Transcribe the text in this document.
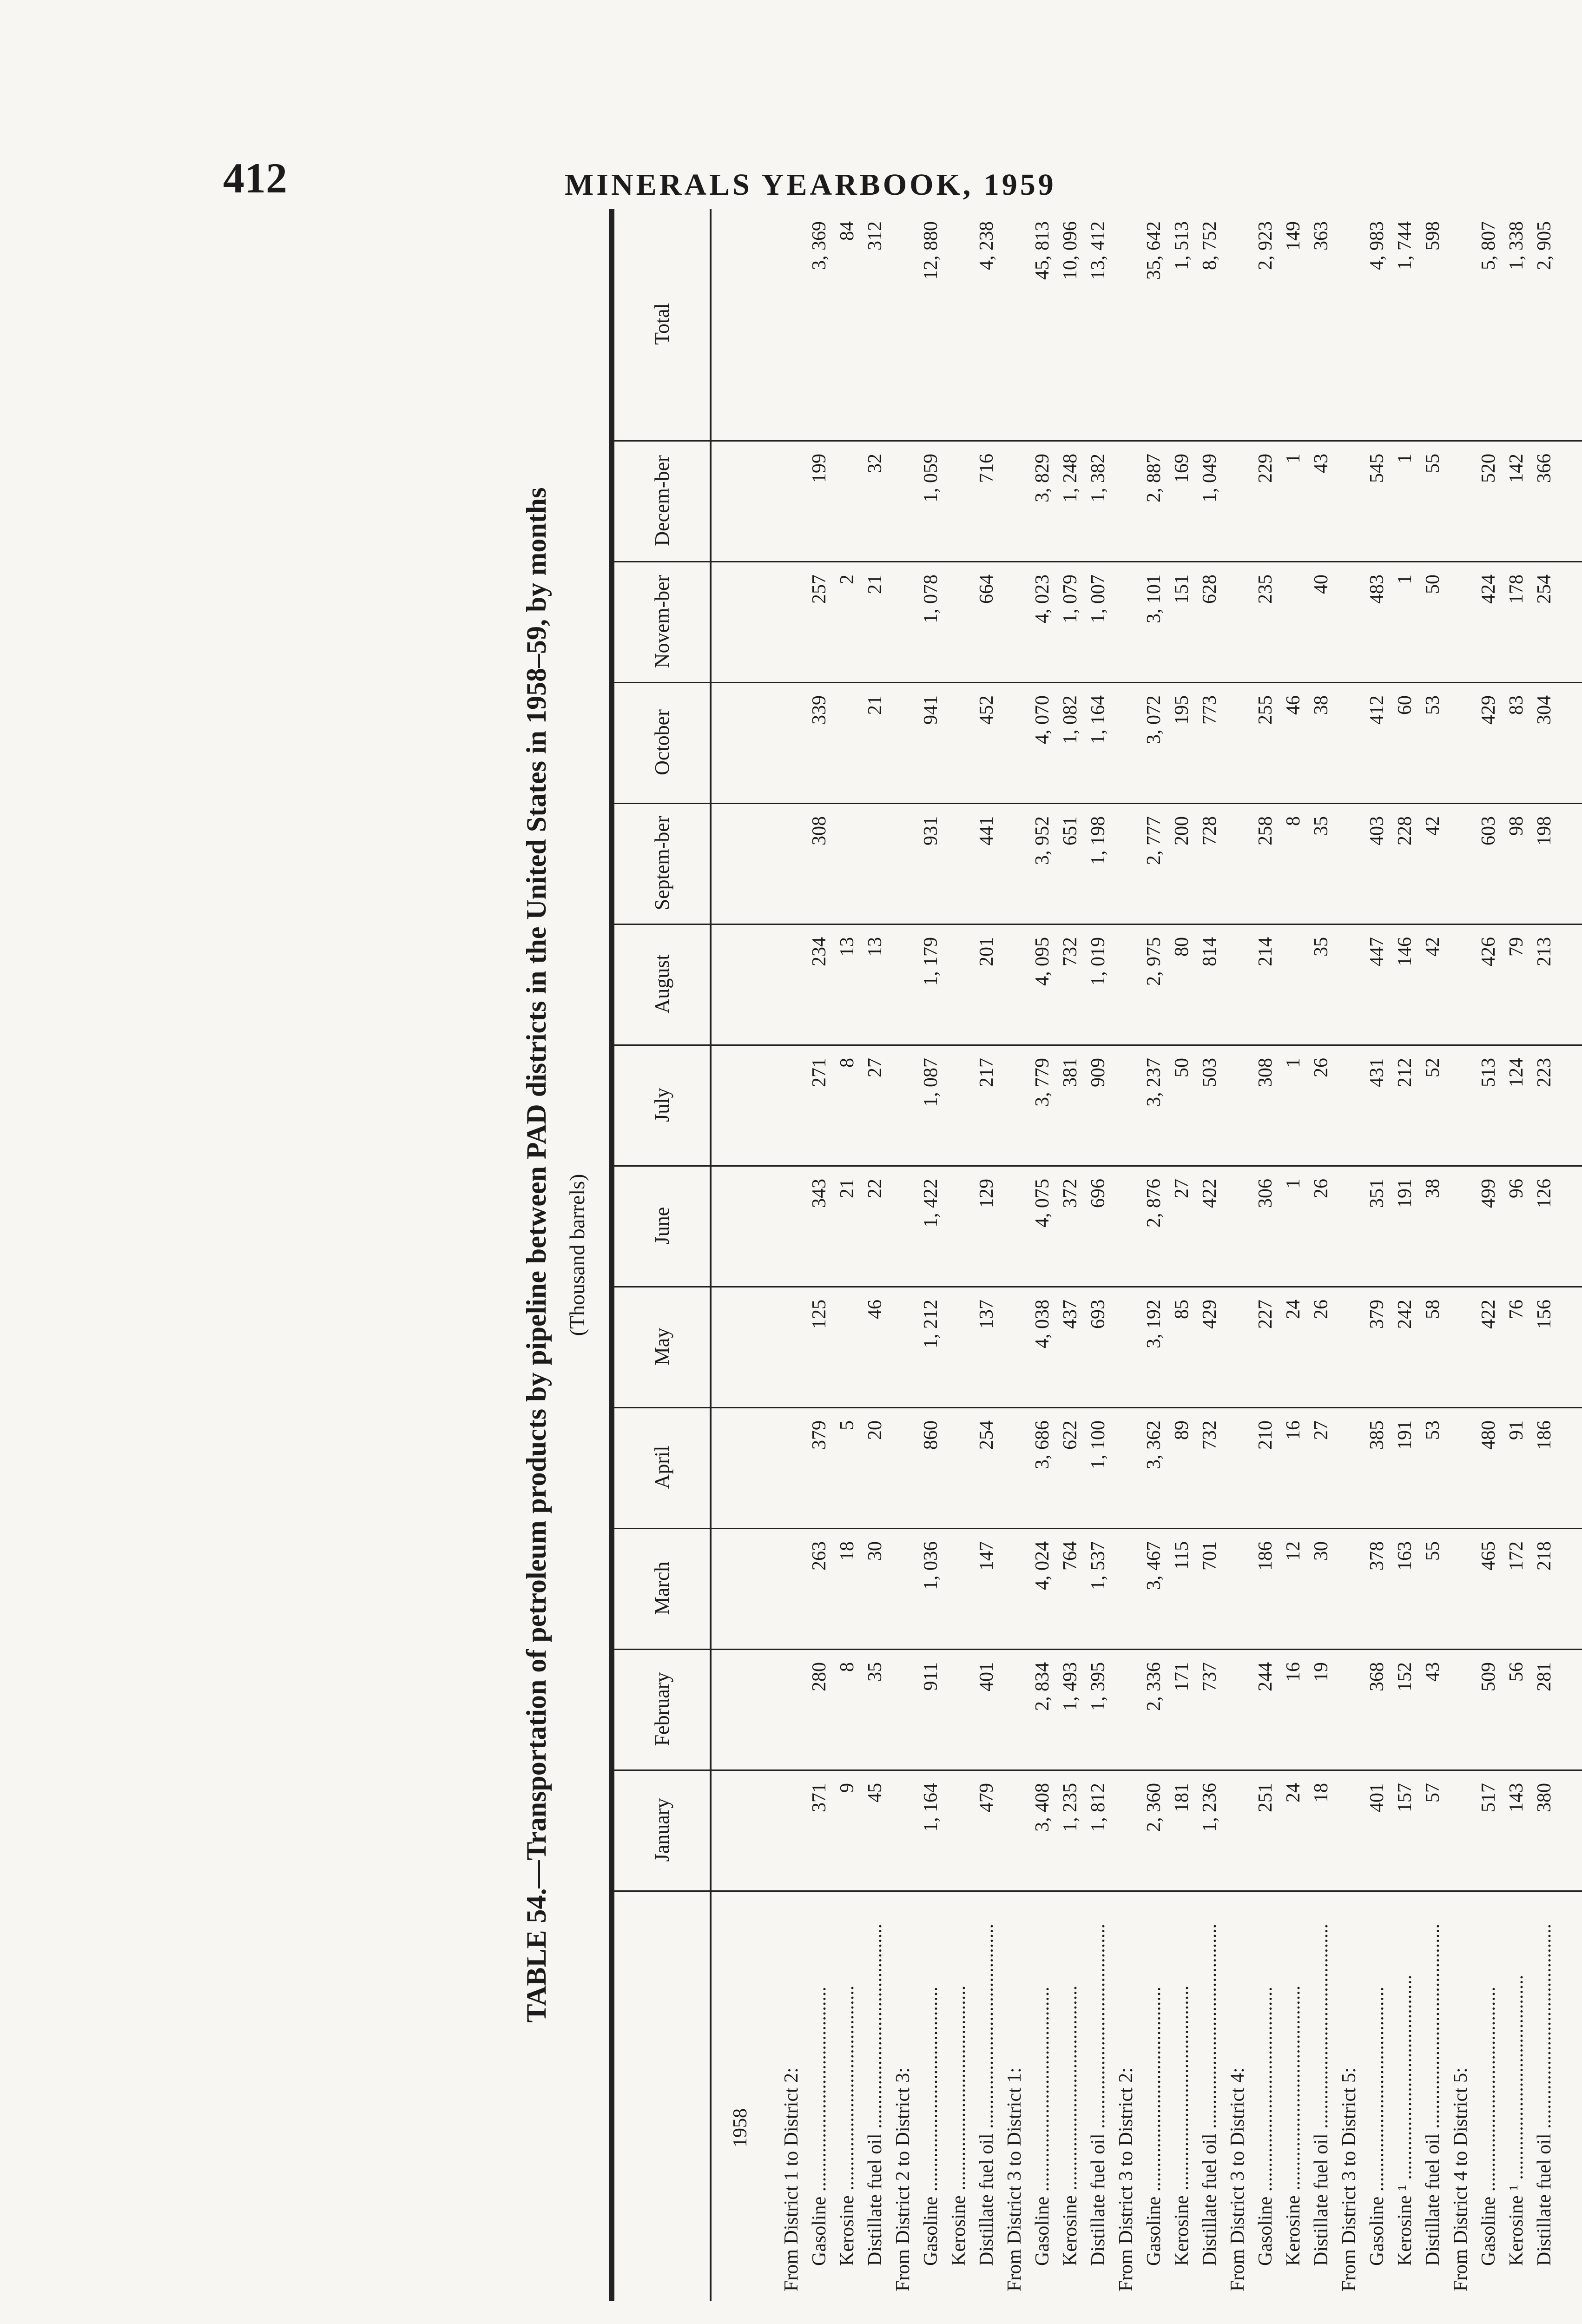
412	MINERALS YEARBOOK, 1959
TABLE 54.—Transportation of petroleum products by pipeline between PAD districts in the United States in 1958–59, by months (Thousand barrels)
January
February
March
April
May
June
July
August
Septem-ber
October
Novem-ber
Decem-ber
Total
1958 From District 1 to District 2: Gasoline .....
371
280
263
379
125
343
271
234
308
339
257
199
3, 369
Kerosine .....
9
8
18
5
21
8
13
2
84
Distillate fuel oil .....
45
35
30
20
46
22
27
13
21
21
32
312
From District 2 to District 3: Gasoline .....
1, 164
911
1, 036
860
1, 212
1, 422
1, 087
1, 179
931
941
1, 078
1, 059
12, 880
Kerosine ..... Distillate fuel oil .....
479
401
147
254
137
129
217
201
441
452
664
716
4, 238
From District 3 to District 1: Gasoline .....
3, 408
2, 834
4, 024
3, 686
4, 038
4, 075
3, 779
4, 095
3, 952
4, 070
4, 023
3, 829
45, 813
Kerosine .....
1, 235
1, 493
764
622
437
372
381
732
651
1, 082
1, 079
1, 248
10, 096
Distillate fuel oil .....
1, 812
1, 395
1, 537
1, 100
693
696
909
1, 019
1, 198
1, 164
1, 007
1, 382
13, 412
From District 3 to District 2: Gasoline .....
2, 360
2, 336
3, 467
3, 362
3, 192
2, 876
3, 237
2, 975
2, 777
3, 072
3, 101
2, 887
35, 642
Kerosine .....
181
171
115
89
85
27
50
80
200
195
151
169
1, 513
Distillate fuel oil .....
1, 236
737
701
732
429
422
503
814
728
773
628
1, 049
8, 752
From District 3 to District 4: Gasoline .....
251
244
186
210
227
306
308
214
258
255
235
229
2, 923
Kerosine .....
24
16
12
16
24
1
1
8
46
1
149
Distillate fuel oil .....
18
19
30
27
26
26
26
35
35
38
40
43
363
From District 3 to District 5: Gasoline .....
401
368
378
385
379
351
431
447
403
412
483
545
4, 983
Kerosine ¹ .....
157
152
163
191
242
191
212
146
228
60
1
1
1, 744
Distillate fuel oil .....
57
43
55
53
58
38
52
42
42
53
50
55
598
From District 4 to District 5: Gasoline .....
517
509
465
480
422
499
513
426
603
429
424
520
5, 807
Kerosine ¹ .....
143
56
172
91
76
96
124
79
98
83
178
142
1, 338
Distillate fuel oil .....
380
281
218
186
156
126
223
213
198
304
254
366
2, 905
